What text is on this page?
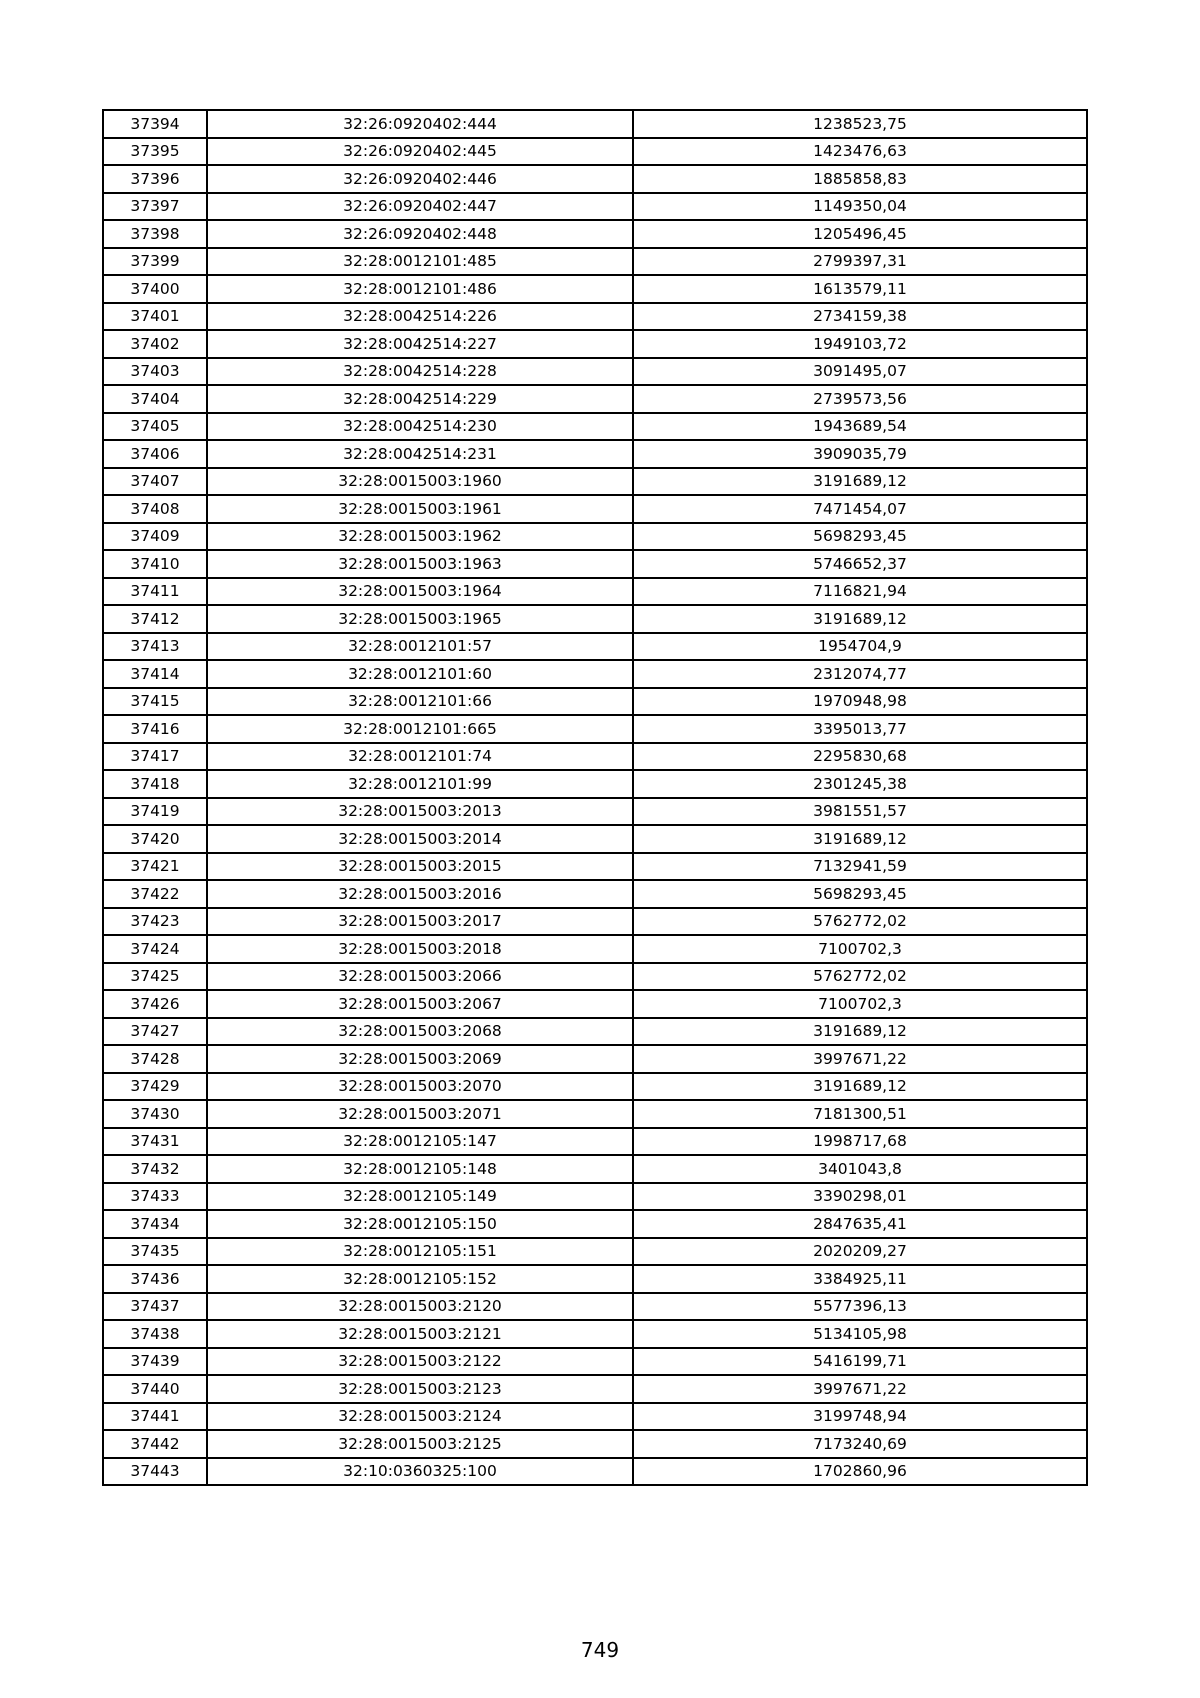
37394	32:26:0920402:444	1238523,75
37395	32:26:0920402:445	1423476,63
37396	32:26:0920402:446	1885858,83
37397	32:26:0920402:447	1149350,04
37398	32:26:0920402:448	1205496,45
37399	32:28:0012101:485	2799397,31
37400	32:28:0012101:486	1613579,11
37401	32:28:0042514:226	2734159,38
37402	32:28:0042514:227	1949103,72
37403	32:28:0042514:228	3091495,07
37404	32:28:0042514:229	2739573,56
37405	32:28:0042514:230	1943689,54
37406	32:28:0042514:231	3909035,79
37407	32:28:0015003:1960	3191689,12
37408	32:28:0015003:1961	7471454,07
37409	32:28:0015003:1962	5698293,45
37410	32:28:0015003:1963	5746652,37
37411	32:28:0015003:1964	7116821,94
37412	32:28:0015003:1965	3191689,12
37413	32:28:0012101:57	1954704,9
37414	32:28:0012101:60	2312074,77
37415	32:28:0012101:66	1970948,98
37416	32:28:0012101:665	3395013,77
37417	32:28:0012101:74	2295830,68
37418	32:28:0012101:99	2301245,38
37419	32:28:0015003:2013	3981551,57
37420	32:28:0015003:2014	3191689,12
37421	32:28:0015003:2015	7132941,59
37422	32:28:0015003:2016	5698293,45
37423	32:28:0015003:2017	5762772,02
37424	32:28:0015003:2018	7100702,3
37425	32:28:0015003:2066	5762772,02
37426	32:28:0015003:2067	7100702,3
37427	32:28:0015003:2068	3191689,12
37428	32:28:0015003:2069	3997671,22
37429	32:28:0015003:2070	3191689,12
37430	32:28:0015003:2071	7181300,51
37431	32:28:0012105:147	1998717,68
37432	32:28:0012105:148	3401043,8
37433	32:28:0012105:149	3390298,01
37434	32:28:0012105:150	2847635,41
37435	32:28:0012105:151	2020209,27
37436	32:28:0012105:152	3384925,11
37437	32:28:0015003:2120	5577396,13
37438	32:28:0015003:2121	5134105,98
37439	32:28:0015003:2122	5416199,71
37440	32:28:0015003:2123	3997671,22
37441	32:28:0015003:2124	3199748,94
37442	32:28:0015003:2125	7173240,69
37443	32:10:0360325:100	1702860,96
749
